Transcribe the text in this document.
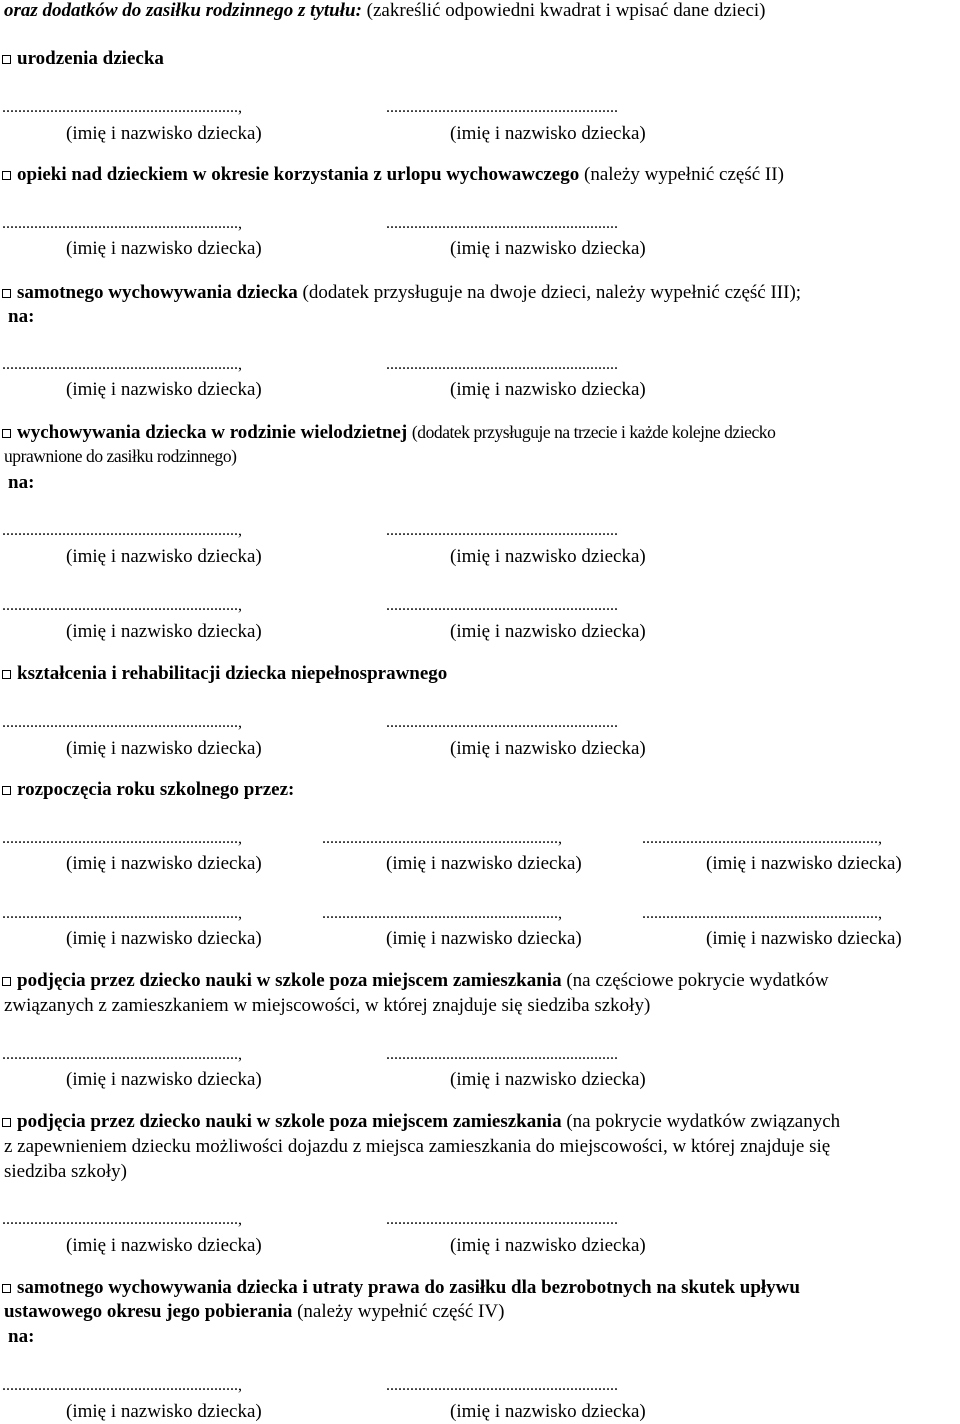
oraz dodatków do zasiłku rodzinnego z tytułu: (zakreślić odpowiedni kwadrat i wpisać dane dzieci)
urodzenia dziecka
...........................................................,	..........................................................
(imię i nazwisko dziecka)	(imię i nazwisko dziecka)
opieki nad dzieckiem w okresie korzystania z urlopu wychowawczego (należy wypełnić część II)
...........................................................,	..........................................................
(imię i nazwisko dziecka)	(imię i nazwisko dziecka)
samotnego wychowywania dziecka (dodatek przysługuje na dwoje dzieci, należy wypełnić część III);
na:
...........................................................,	..........................................................
(imię i nazwisko dziecka)	(imię i nazwisko dziecka)
wychowywania dziecka w rodzinie wielodzietnej (dodatek przysługuje na trzecie i każde kolejne dziecko
uprawnione do zasiłku rodzinnego)
na:
...........................................................,	..........................................................
(imię i nazwisko dziecka)	(imię i nazwisko dziecka)
...........................................................,	..........................................................
(imię i nazwisko dziecka)	(imię i nazwisko dziecka)
kształcenia i rehabilitacji dziecka niepełnosprawnego
...........................................................,	..........................................................
(imię i nazwisko dziecka)	(imię i nazwisko dziecka)
rozpoczęcia roku szkolnego przez:
...........................................................,	...........................................................,	...........................................................,
(imię i nazwisko dziecka)	(imię i nazwisko dziecka)	(imię i nazwisko dziecka)
...........................................................,	...........................................................,	...........................................................,
(imię i nazwisko dziecka)	(imię i nazwisko dziecka)	(imię i nazwisko dziecka)
podjęcia przez dziecko nauki w szkole poza miejscem zamieszkania (na częściowe pokrycie wydatków
związanych z zamieszkaniem w miejscowości, w której znajduje się siedziba szkoły)
...........................................................,	..........................................................
(imię i nazwisko dziecka)	(imię i nazwisko dziecka)
podjęcia przez dziecko nauki w szkole poza miejscem zamieszkania (na pokrycie wydatków związanych
z zapewnieniem dziecku możliwości dojazdu z miejsca zamieszkania do miejscowości, w której znajduje się
siedziba szkoły)
...........................................................,	..........................................................
(imię i nazwisko dziecka)	(imię i nazwisko dziecka)
samotnego wychowywania dziecka i utraty prawa do zasiłku dla bezrobotnych na skutek upływu
ustawowego okresu jego pobierania (należy wypełnić część IV)
na:
...........................................................,	..........................................................
(imię i nazwisko dziecka)	(imię i nazwisko dziecka)
